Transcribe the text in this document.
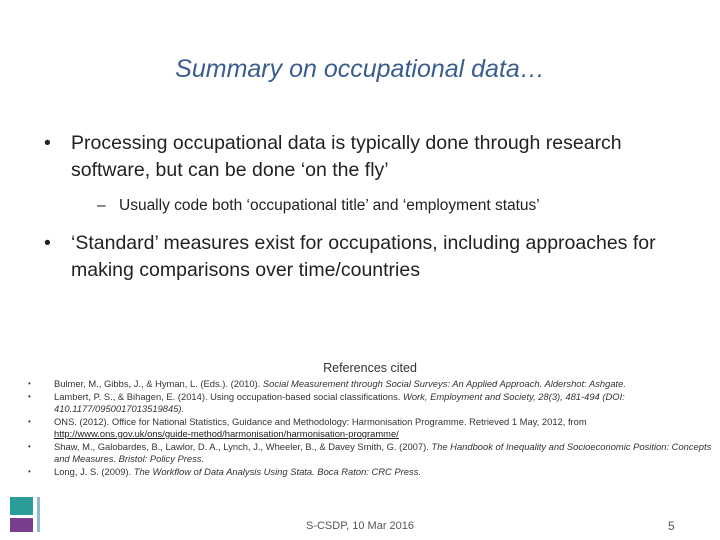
Summary on occupational data…
• Processing occupational data is typically done through research software, but can be done ‘on the fly’
– Usually code both ‘occupational title’ and ‘employment status’
• ‘Standard’ measures exist for occupations, including approaches for making comparisons over time/countries
References cited
• Bulmer, M., Gibbs, J., & Hyman, L. (Eds.). (2010). Social Measurement through Social Surveys: An Applied Approach. Aldershot: Ashgate.
• Lambert, P. S., & Bihagen, E. (2014). Using occupation-based social classifications. Work, Employment and Society, 28(3), 481-494 (DOI: 410.1177/0950017013519845).
• ONS. (2012). Office for National Statistics, Guidance and Methodology: Harmonisation Programme. Retrieved 1 May, 2012, from http://www.ons.gov.uk/ons/guide-method/harmonisation/harmonisation-programme/
• Shaw, M., Galobardes, B., Lawlor, D. A., Lynch, J., Wheeler, B., & Davey Smith, G. (2007). The Handbook of Inequality and Socioeconomic Position: Concepts and Measures. Bristol: Policy Press.
• Long, J. S. (2009). The Workflow of Data Analysis Using Stata. Boca Raton: CRC Press.
S-CSDP, 10 Mar 2016	5
